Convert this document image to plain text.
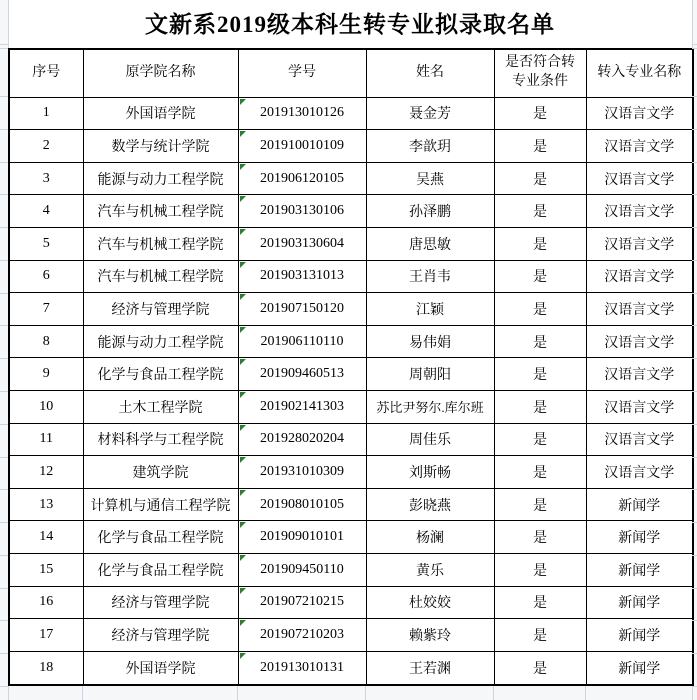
文新系2019级本科生转专业拟录取名单
序号	原学院名称	学号	姓名	是否符合转专业条件	转入专业名称
1	外国语学院	201913010126	聂金芳	是	汉语言文学
2	数学与统计学院	201910010109	李歆玥	是	汉语言文学
3	能源与动力工程学院	201906120105	吴燕	是	汉语言文学
4	汽车与机械工程学院	201903130106	孙泽鹏	是	汉语言文学
5	汽车与机械工程学院	201903130604	唐思敏	是	汉语言文学
6	汽车与机械工程学院	201903131013	王肖韦	是	汉语言文学
7	经济与管理学院	201907150120	江颖	是	汉语言文学
8	能源与动力工程学院	201906110110	易伟娟	是	汉语言文学
9	化学与食品工程学院	201909460513	周朝阳	是	汉语言文学
10	土木工程学院	201902141303	苏比尹努尔.库尔班	是	汉语言文学
11	材料科学与工程学院	201928020204	周佳乐	是	汉语言文学
12	建筑学院	201931010309	刘斯畅	是	汉语言文学
13	计算机与通信工程学院	201908010105	彭晓燕	是	新闻学
14	化学与食品工程学院	201909010101	杨澜	是	新闻学
15	化学与食品工程学院	201909450110	黄乐	是	新闻学
16	经济与管理学院	201907210215	杜姣姣	是	新闻学
17	经济与管理学院	201907210203	赖紫玲	是	新闻学
18	外国语学院	201913010131	王若渊	是	新闻学
